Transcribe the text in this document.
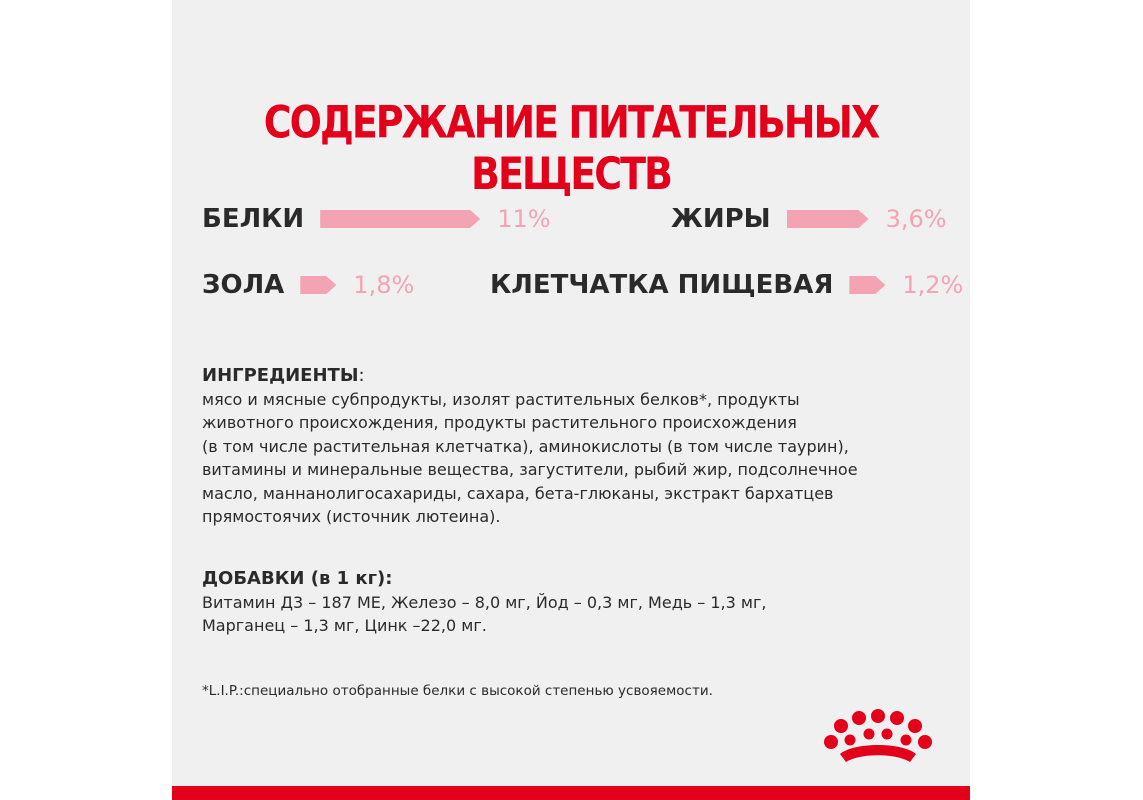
СОДЕРЖАНИЕ ПИТАТЕЛЬНЫХ ВЕЩЕСТВ
БЕЛКИ	11%	ЖИРЫ	3,6%
ЗОЛА	1,8%	КЛЕТЧАТКА ПИЩЕВАЯ	1,2%
ИНГРЕДИЕНТЫ:
мясо и мясные субпродукты, изолят растительных белков*, продукты
животного происхождения, продукты растительного происхождения
(в том числе растительная клетчатка), аминокислоты (в том числе таурин),
витамины и минеральные вещества, загустители, рыбий жир, подсолнечное
масло, маннанолигосахариды, сахара, бета-глюканы, экстракт бархатцев
прямостоячих (источник лютеина).
ДОБАВКИ (в 1 кг):
Витамин Д3 – 187 МЕ, Железо – 8,0 мг, Йод – 0,3 мг, Медь – 1,3 мг,
Марганец – 1,3 мг, Цинк –22,0 мг.
*L.I.P.:специально отобранные белки с высокой степенью усвояемости.
